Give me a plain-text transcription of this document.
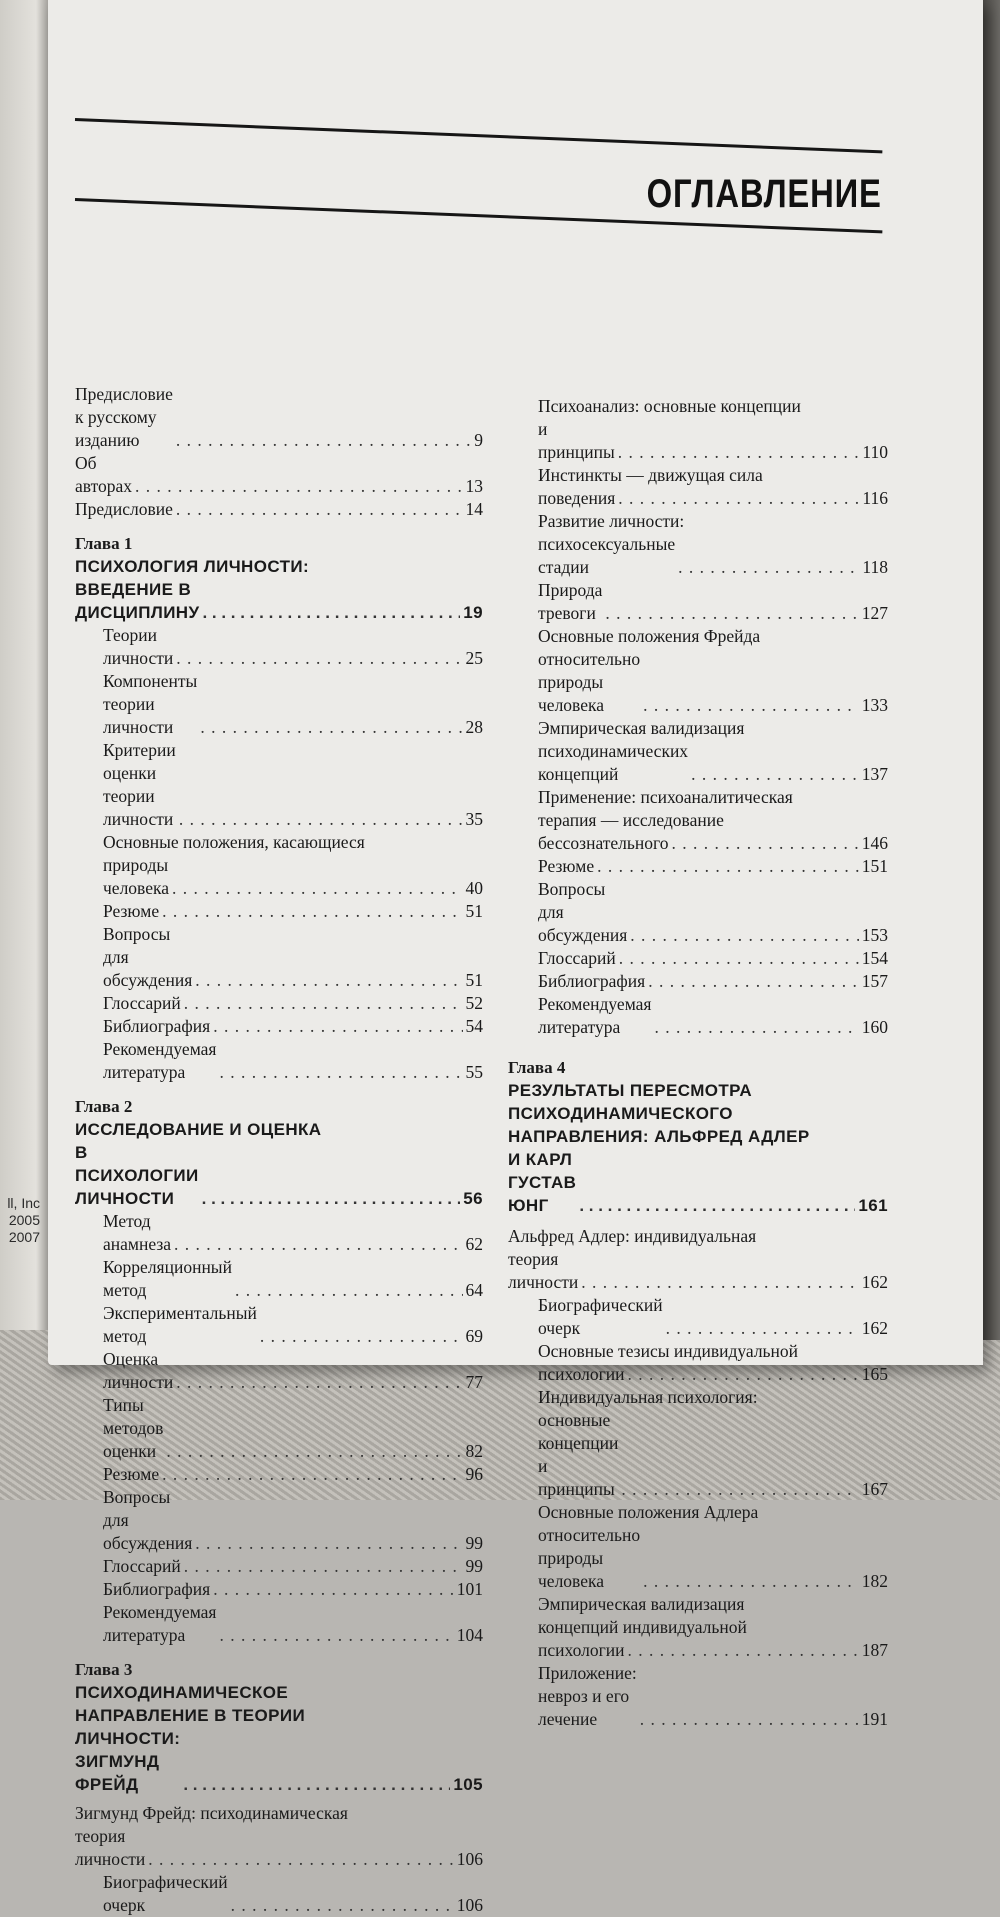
ll, Inc
2005
2007
ОГЛАВЛЕНИЕ
Предисловие к русскому изданию . . .	9
Об авторах . . .	13
Предисловие . . .	14
Глава 1
ПСИХОЛОГИЯ ЛИЧНОСТИ:
ВВЕДЕНИЕ В ДИСЦИПЛИНУ . . .	19
Теории личности . . .	25
Компоненты теории личности . . .	28
Критерии оценки теории личности . . .	35
Основные положения, касающиеся
природы человека . . .	40
Резюме . . .	51
Вопросы для обсуждения . . .	51
Глоссарий . . .	52
Библиография . . .	54
Рекомендуемая литература . . .	55
Глава 2
ИССЛЕДОВАНИЕ И ОЦЕНКА
В ПСИХОЛОГИИ ЛИЧНОСТИ . . .	56
Метод анамнеза . . .	62
Корреляционный метод . . .	64
Экспериментальный метод . . .	69
Оценка личности . . .	77
Типы методов оценки . . .	82
Резюме . . .	96
Вопросы для обсуждения . . .	99
Глоссарий . . .	99
Библиография . . .	101
Рекомендуемая литература . . .	104
Глава 3
ПСИХОДИНАМИЧЕСКОЕ
НАПРАВЛЕНИЕ В ТЕОРИИ
ЛИЧНОСТИ: ЗИГМУНД ФРЕЙД . . .	105
Зигмунд Фрейд: психодинамическая
теория личности . . .	106
Биографический очерк . . .	106
Психоанализ: основные концепции
и принципы . . .	110
Инстинкты — движущая сила
поведения . . .	116
Развитие личности:
психосексуальные стадии . . .	118
Природа тревоги . . .	127
Основные положения Фрейда
относительно природы человека . . .	133
Эмпирическая валидизация
психодинамических концепций . . .	137
Применение: психоаналитическая
терапия — исследование
бессознательного . . .	146
Резюме . . .	151
Вопросы для обсуждения . . .	153
Глоссарий . . .	154
Библиография . . .	157
Рекомендуемая литература . . .	160
Глава 4
РЕЗУЛЬТАТЫ ПЕРЕСМОТРА
ПСИХОДИНАМИЧЕСКОГО
НАПРАВЛЕНИЯ: АЛЬФРЕД АДЛЕР
И КАРЛ ГУСТАВ ЮНГ . . .	161
Альфред Адлер: индивидуальная
теория личности . . .	162
Биографический очерк . . .	162
Основные тезисы индивидуальной
психологии . . .	165
Индивидуальная психология:
основные концепции и принципы . . .	167
Основные положения Адлера
относительно природы человека . . .	182
Эмпирическая валидизация
концепций индивидуальной
психологии . . .	187
Приложение: невроз и его лечение . . .	191
